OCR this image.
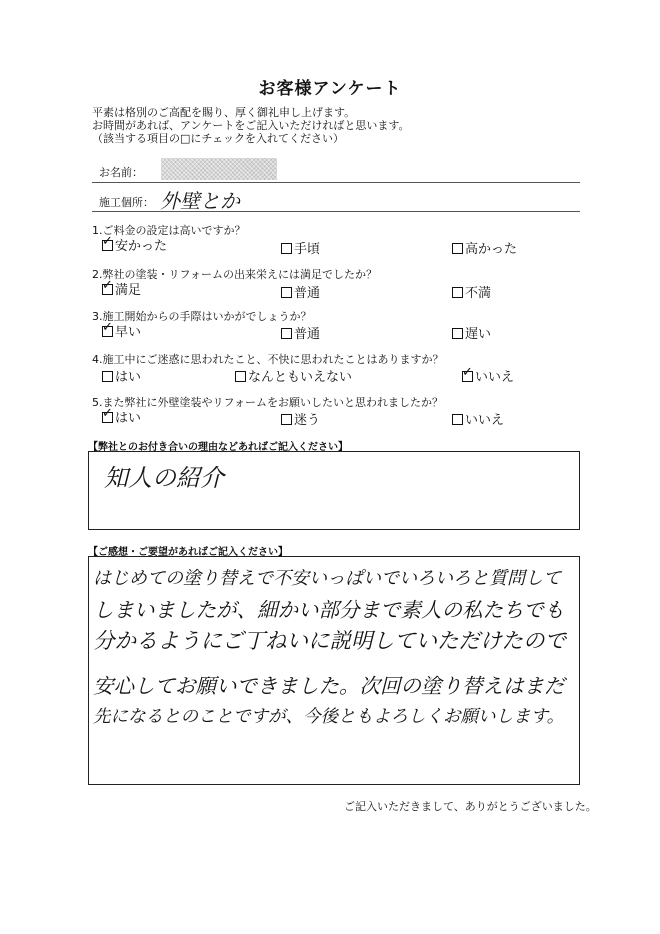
お客様アンケート
平素は格別のご高配を賜り、厚く御礼申し上げます。
お時間があれば、アンケートをご記入いただければと思います。
（該当する項目の□にチェックを入れてください）
お名前：
施工個所： 外壁とか
1.ご料金の設定は高いですか？
✓ 安かった	手頃	高かった
2.弊社の塗装・リフォームの出来栄えには満足でしたか？
✓ 満足	普通	不満
3.施工開始からの手際はいかがでしょうか？
✓ 早い	普通	遅い
4.施工中にご迷惑に思われたこと、不快に思われたことはありますか？
はい	なんともいえない	✓ いいえ
5.また弊社に外壁塗装やリフォームをお願いしたいと思われましたか？
✓ はい	迷う	いいえ
【弊社とのお付き合いの理由などあればご記入ください】
知人の紹介
【ご感想・ご要望があればご記入ください】
はじめての塗り替えで不安いっぱいでいろいろと質問して
しまいましたが、細かい部分まで素人の私たちでも
分かるようにご丁ねいに説明していただけたので
安心してお願いできました。次回の塗り替えはまだ
先になるとのことですが、今後ともよろしくお願いします。
ご記入いただきまして、ありがとうございました。
